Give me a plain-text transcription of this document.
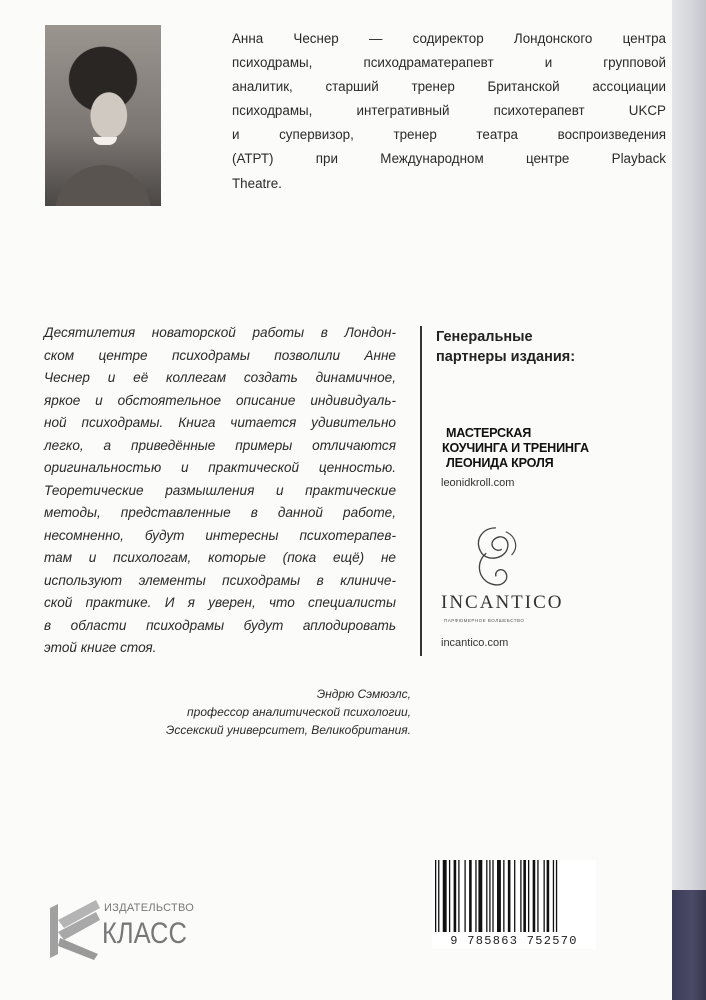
Анна Чеснер — содиректор Лондонского центра
психодрамы, психодраматерапевт и групповой
аналитик, старший тренер Британской ассоциации
психодрамы, интегративный психотерапевт UKCP
и супервизор, тренер театра воспроизведения
(АТРТ) при Международном центре Playback
Theatre.
Десятилетия новаторской работы в Лондон-
ском центре психодрамы позволили Анне
Чеснер и её коллегам создать динамичное,
яркое и обстоятельное описание индивидуаль-
ной психодрамы. Книга читается удивительно
легко, а приведённые примеры отличаются
оригинальностью и практической ценностью.
Теоретические размышления и практические
методы, представленные в данной работе,
несомненно, будут интересны психотерапев-
там и психологам, которые (пока ещё) не
используют элементы психодрамы в клиниче-
ской практике. И я уверен, что специалисты
в области психодрамы будут аплодировать
этой книге стоя.
Генеральные
партнеры издания:
МАСТЕРСКАЯ
КОУЧИНГА И ТРЕНИНГА
ЛЕОНИДА КРОЛЯ
leonidkroll.com
INCANTICO
ПАРФЮМЕРНОЕ ВОЛШЕБСТВО
incantico.com
Эндрю Сэмюэлс,
профессор аналитической психологии,
Эссекский университет, Великобритания.
ИЗДАТЕЛЬСТВО
КЛАСС	9 785863 752570
